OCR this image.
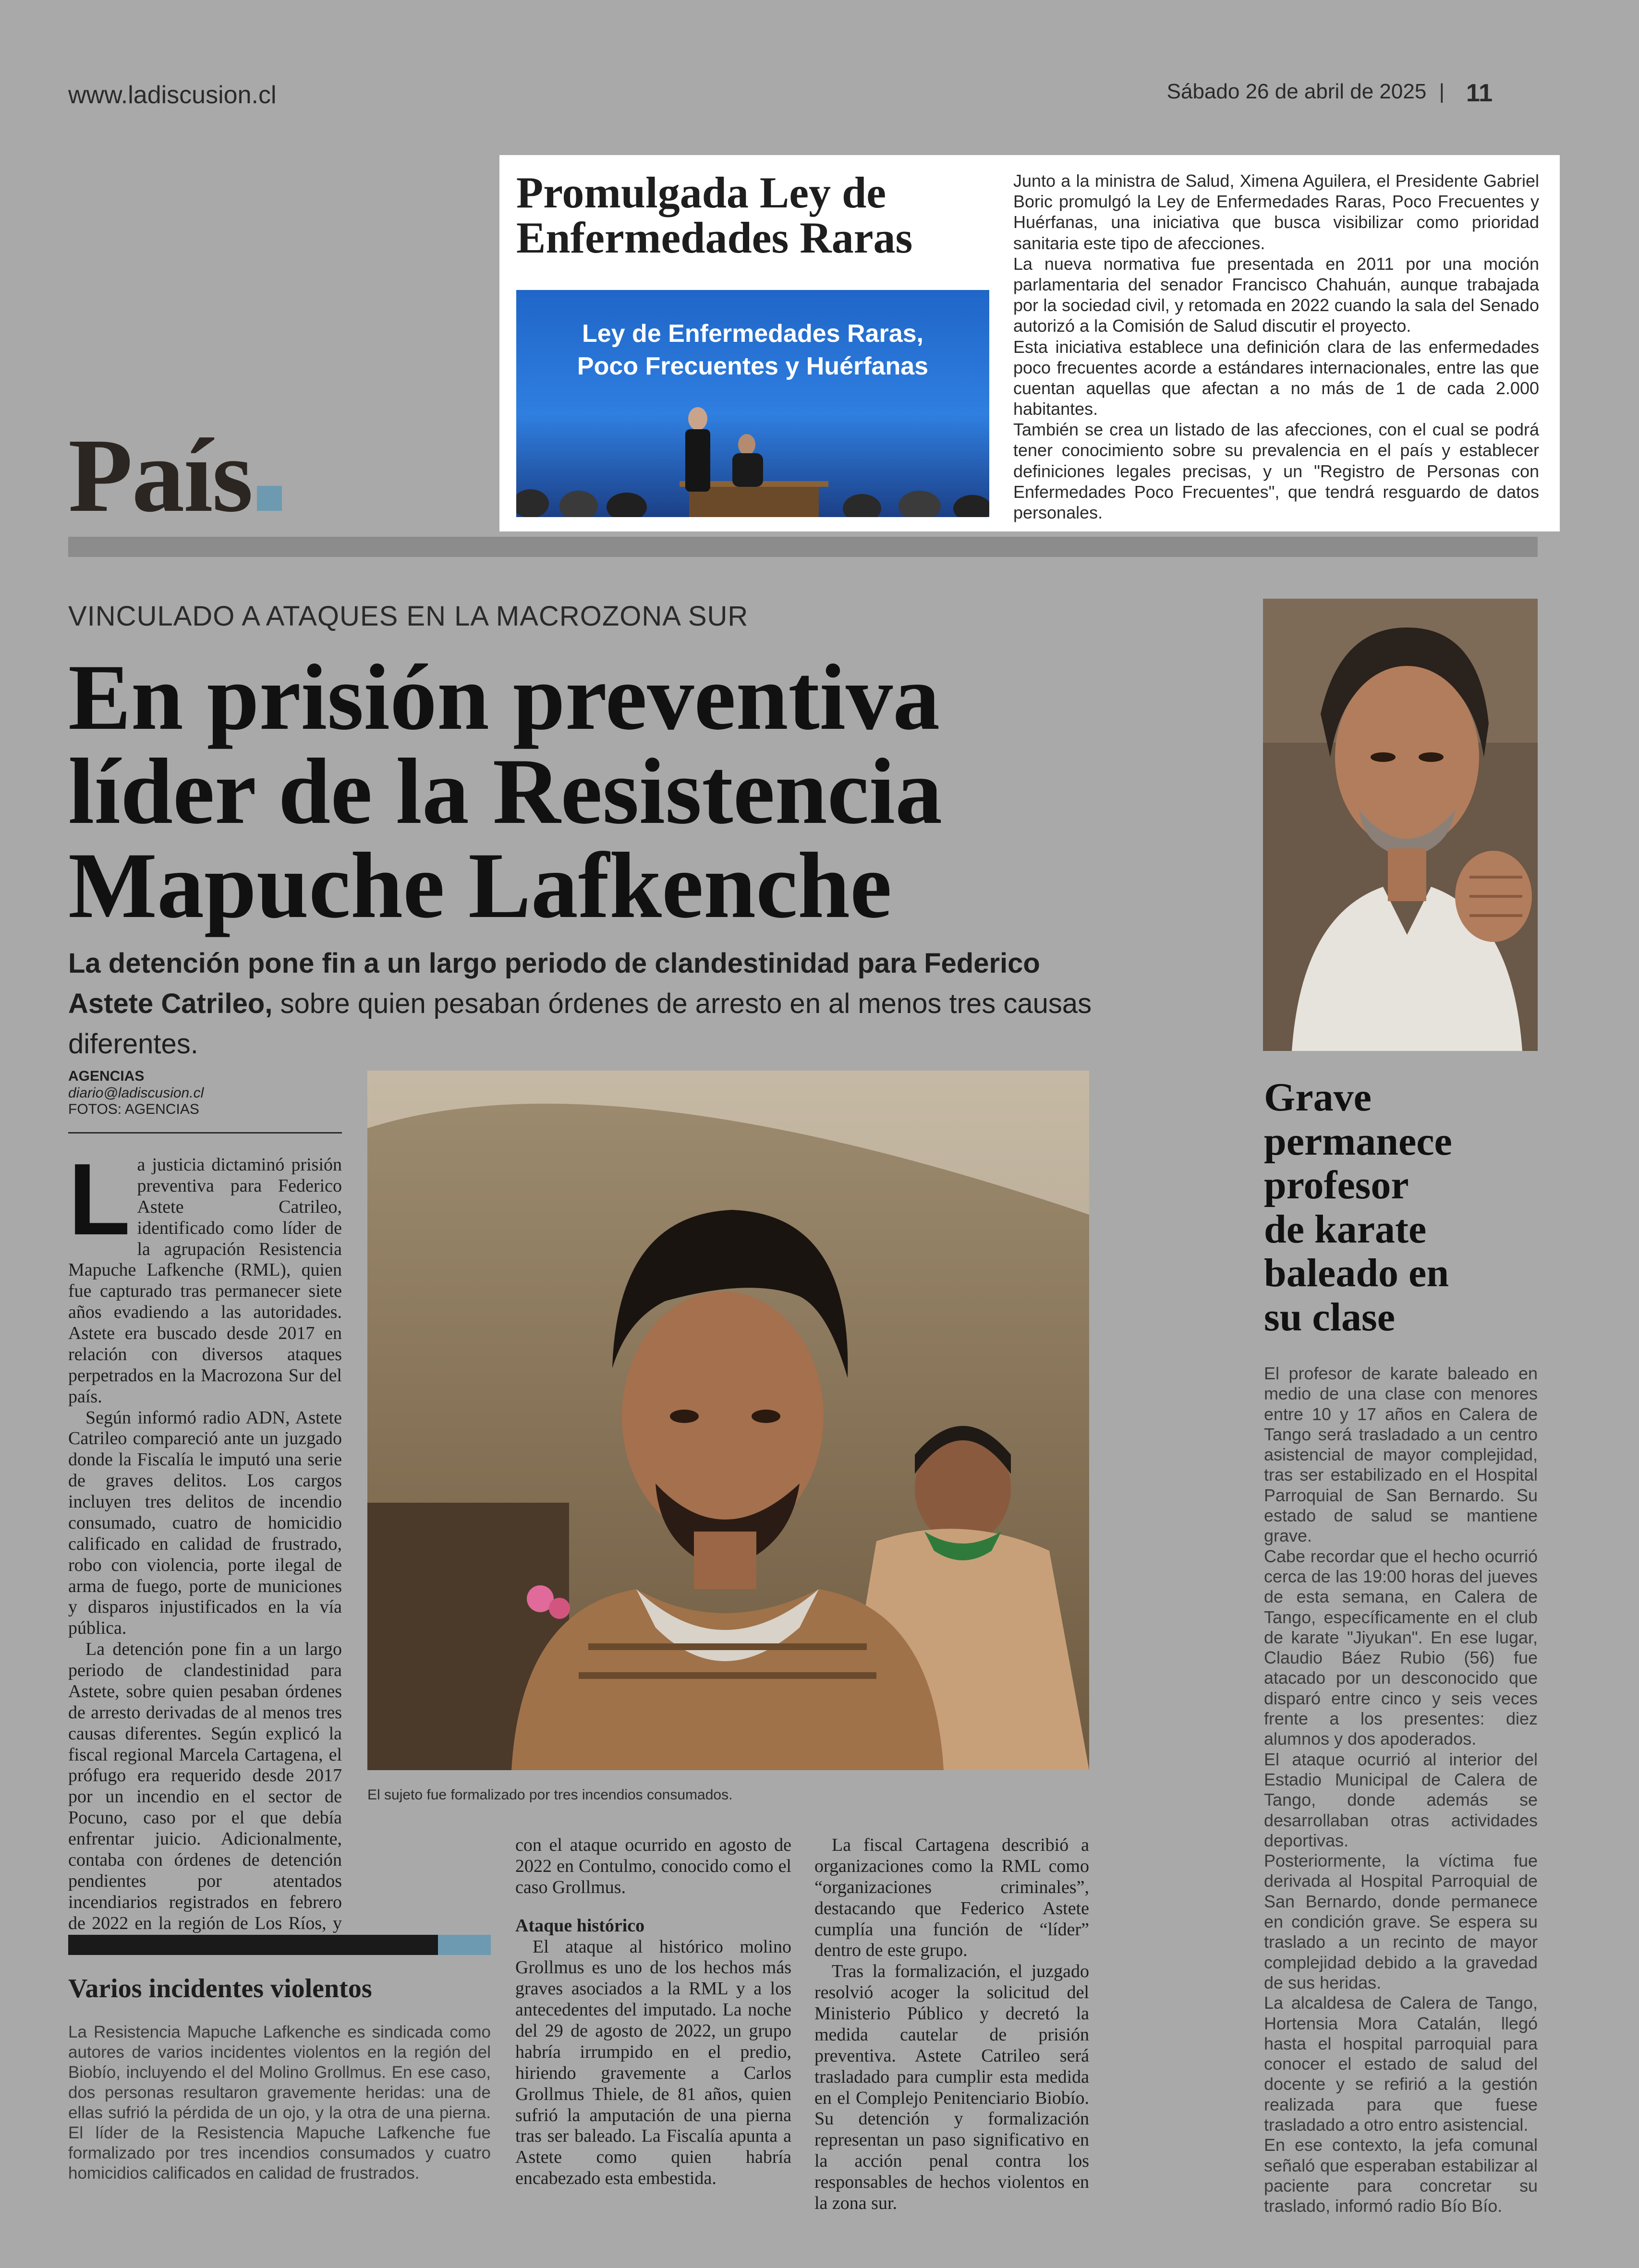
www.ladiscusion.cl	Sábado 26 de abril de 2025 | 11
País
Promulgada Ley de Enfermedades Raras
Ley de Enfermedades Raras,
Poco Frecuentes y Huérfanas

Junto a la ministra de Salud, Ximena Aguilera, el Presidente Gabriel Boric promulgó la Ley de Enfermedades Raras, Poco Frecuentes y Huérfanas, una iniciativa que busca visibilizar como prioridad sanitaria este tipo de afecciones.

La nueva normativa fue presentada en 2011 por una moción parlamentaria del senador Francisco Chahuán, aunque trabajada por la sociedad civil, y retomada en 2022 cuando la sala del Senado autorizó a la Comisión de Salud discutir el proyecto.

Esta iniciativa establece una definición clara de las enfermedades poco frecuentes acorde a estándares internacionales, entre las que cuentan aquellas que afectan a no más de 1 de cada 2.000 habitantes.

También se crea un listado de las afecciones, con el cual se podrá tener conocimiento sobre su prevalencia en el país y establecer definiciones legales precisas, y un "Registro de Personas con Enfermedades Poco Frecuentes", que tendrá resguardo de datos personales.

VINCULADO A ATAQUES EN LA MACROZONA SUR
En prisión preventiva
líder de la Resistencia
Mapuche Lafkenche
La detención pone fin a un largo periodo de clandestinidad para Federico Astete Catrileo, sobre quien pesaban órdenes de arresto en al menos tres causas diferentes.
AGENCIAS
diario@ladiscusion.cl
FOTOS: AGENCIAS
L a justicia dictaminó prisión preventiva para Federico Astete Catrileo, identificado como líder de la agrupación Resistencia Mapuche Lafkenche (RML), quien fue capturado tras permanecer siete años evadiendo a las autoridades. Astete era buscado desde 2017 en relación con diversos ataques perpetrados en la Macrozona Sur del país.

Según informó radio ADN, Astete Catrileo compareció ante un juzgado donde la Fiscalía le imputó una serie de graves delitos. Los cargos incluyen tres delitos de incendio consumado, cuatro de homicidio calificado en calidad de frustrado, robo con violencia, porte ilegal de arma de fuego, porte de municiones y disparos injustificados en la vía pública.

La detención pone fin a un largo periodo de clandestinidad para Astete, sobre quien pesaban órdenes de arresto derivadas de al menos tres causas diferentes. Según explicó la fiscal regional Marcela Cartagena, el prófugo era requerido desde 2017 por un incendio en el sector de Pocuno, caso por el que debía enfrentar juicio. Adicionalmente, contaba con órdenes de detención pendientes por atentados incendiarios registrados en febrero de 2022 en la región de Los Ríos, y

El sujeto fue formalizado por tres incendios consumados.

con el ataque ocurrido en agosto de 2022 en Contulmo, conocido como el caso Grollmus.

Ataque histórico

El ataque al histórico molino Grollmus es uno de los hechos más graves asociados a la RML y a los antecedentes del imputado. La noche del 29 de agosto de 2022, un grupo habría irrumpido en el predio, hiriendo gravemente a Carlos Grollmus Thiele, de 81 años, quien sufrió la amputación de una pierna tras ser baleado. La Fiscalía apunta a Astete como quien habría encabezado esta embestida.

La fiscal Cartagena describió a organizaciones como la RML como “organizaciones criminales”, destacando que Federico Astete cumplía una función de “líder” dentro de este grupo.

Tras la formalización, el juzgado resolvió acoger la solicitud del Ministerio Público y decretó la medida cautelar de prisión preventiva. Astete Catrileo será trasladado para cumplir esta medida en el Complejo Penitenciario Biobío. Su detención y formalización representan un paso significativo en la acción penal contra los responsables de hechos violentos en la zona sur.

Varios incidentes violentos
La Resistencia Mapuche Lafkenche es sindicada como autores de varios incidentes violentos en la región del Biobío, incluyendo el del Molino Grollmus. En ese caso, dos personas resultaron gravemente heridas: una de ellas sufrió la pérdida de un ojo, y la otra de una pierna. El líder de la Resistencia Mapuche Lafkenche fue formalizado por tres incendios consumados y cuatro homicidios calificados en calidad de frustrados.
Grave
permanece
profesor
de karate
baleado en
su clase

El profesor de karate baleado en medio de una clase con menores entre 10 y 17 años en Calera de Tango será trasladado a un centro asistencial de mayor complejidad, tras ser estabilizado en el Hospital Parroquial de San Bernardo. Su estado de salud se mantiene grave.

Cabe recordar que el hecho ocurrió cerca de las 19:00 horas del jueves de esta semana, en Calera de Tango, específicamente en el club de karate "Jiyukan". En ese lugar, Claudio Báez Rubio (56) fue atacado por un desconocido que disparó entre cinco y seis veces frente a los presentes: diez alumnos y dos apoderados.

El ataque ocurrió al interior del Estadio Municipal de Calera de Tango, donde además se desarrollaban otras actividades deportivas.

Posteriormente, la víctima fue derivada al Hospital Parroquial de San Bernardo, donde permanece en condición grave. Se espera su traslado a un recinto de mayor complejidad debido a la gravedad de sus heridas.

La alcaldesa de Calera de Tango, Hortensia Mora Catalán, llegó hasta el hospital parroquial para conocer el estado de salud del docente y se refirió a la gestión realizada para que fuese trasladado a otro entro asistencial.

En ese contexto, la jefa comunal señaló que esperaban estabilizar al paciente para concretar su traslado, informó radio Bío Bío.
